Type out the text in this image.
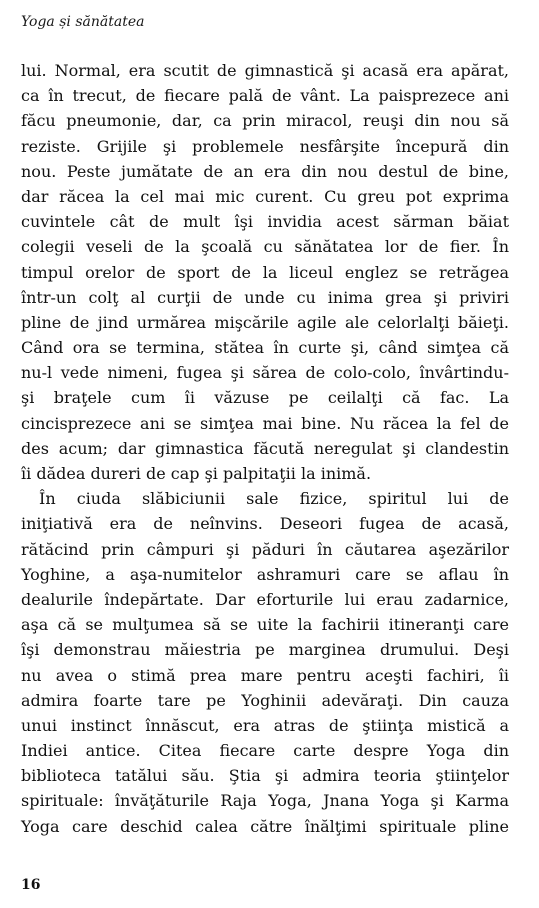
Yoga și sănătatea
lui. Normal, era scutit de gimnastică şi acasă era apărat,
ca în trecut, de fiecare pală de vânt. La paisprezece ani
făcu pneumonie, dar, ca prin miracol, reuşi din nou să
reziste. Grijile şi problemele nesfârşite începură din
nou. Peste jumătate de an era din nou destul de bine,
dar răcea la cel mai mic curent. Cu greu pot exprima
cuvintele cât de mult îşi invidia acest sărman băiat
colegii veseli de la şcoală cu sănătatea lor de fier. În
timpul orelor de sport de la liceul englez se retrăgea
într-un colţ al curţii de unde cu inima grea şi priviri
pline de jind urmărea mişcările agile ale celorlalţi băieţi.
Când ora se termina, stătea în curte şi, când simţea că
nu-l vede nimeni, fugea şi sărea de colo-colo, învârtindu-
şi braţele cum îi văzuse pe ceilalţi că fac. La
cincisprezece ani se simţea mai bine. Nu răcea la fel de
des acum; dar gimnastica făcută neregulat şi clandestin
îi dădea dureri de cap şi palpitaţii la inimă.
În ciuda slăbiciunii sale fizice, spiritul lui de
iniţiativă era de neînvins. Deseori fugea de acasă,
rătăcind prin câmpuri şi păduri în căutarea aşezărilor
Yoghine, a aşa-numitelor ashramuri care se aflau în
dealurile îndepărtate. Dar eforturile lui erau zadarnice,
aşa că se mulţumea să se uite la fachirii itineranţi care
îşi demonstrau măiestria pe marginea drumului. Deşi
nu avea o stimă prea mare pentru aceşti fachiri, îi
admira foarte tare pe Yoghinii adevăraţi. Din cauza
unui instinct înnăscut, era atras de ştiinţa mistică a
Indiei antice. Citea fiecare carte despre Yoga din
biblioteca tatălui său. Ştia şi admira teoria ştiinţelor
spirituale: învăţăturile Raja Yoga, Jnana Yoga şi Karma
Yoga care deschid calea către înălţimi spirituale pline
16
